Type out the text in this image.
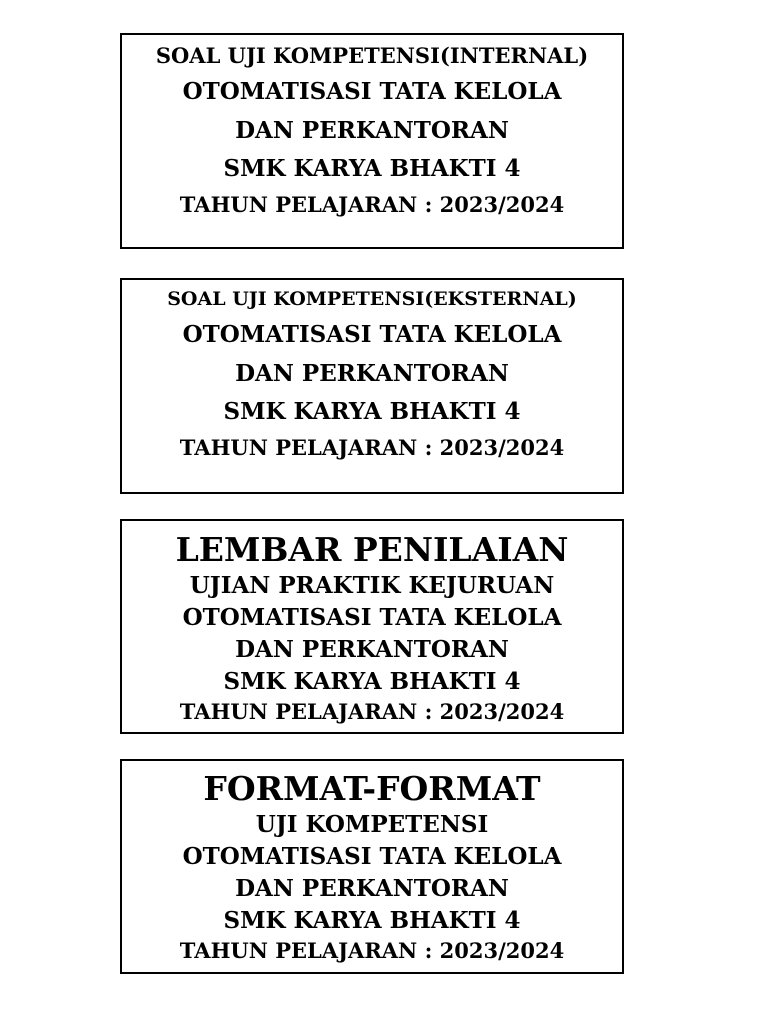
SOAL UJI KOMPETENSI(INTERNAL)
OTOMATISASI TATA KELOLA
DAN PERKANTORAN
SMK KARYA BHAKTI 4
TAHUN PELAJARAN : 2023/2024
SOAL UJI KOMPETENSI(EKSTERNAL)
OTOMATISASI TATA KELOLA
DAN PERKANTORAN
SMK KARYA BHAKTI 4
TAHUN PELAJARAN : 2023/2024
LEMBAR PENILAIAN
UJIAN PRAKTIK KEJURUAN
OTOMATISASI TATA KELOLA
DAN PERKANTORAN
SMK KARYA BHAKTI 4
TAHUN PELAJARAN : 2023/2024
FORMAT-FORMAT
UJI KOMPETENSI
OTOMATISASI TATA KELOLA
DAN PERKANTORAN
SMK KARYA BHAKTI 4
TAHUN PELAJARAN : 2023/2024
